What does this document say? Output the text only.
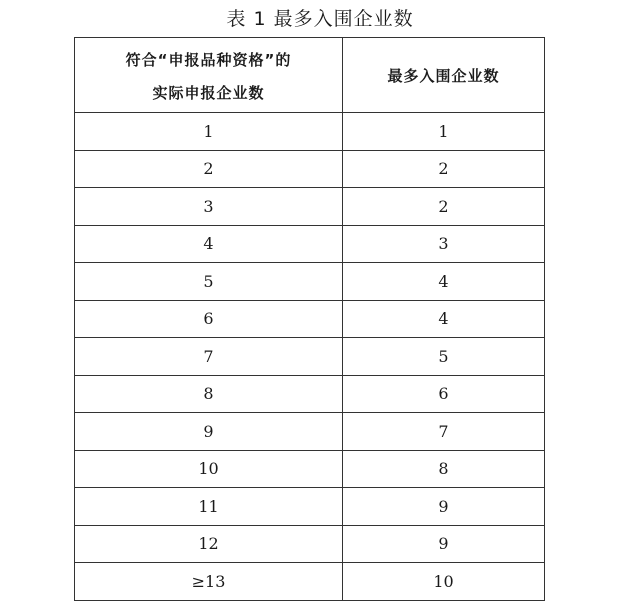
表 1 最多入围企业数
符合“申报品种资格”的
实际申报企业数	最多入围企业数
1	1
2	2
3	2
4	3
5	4
6	4
7	5
8	6
9	7
10	8
11	9
12	9
≥13	10
